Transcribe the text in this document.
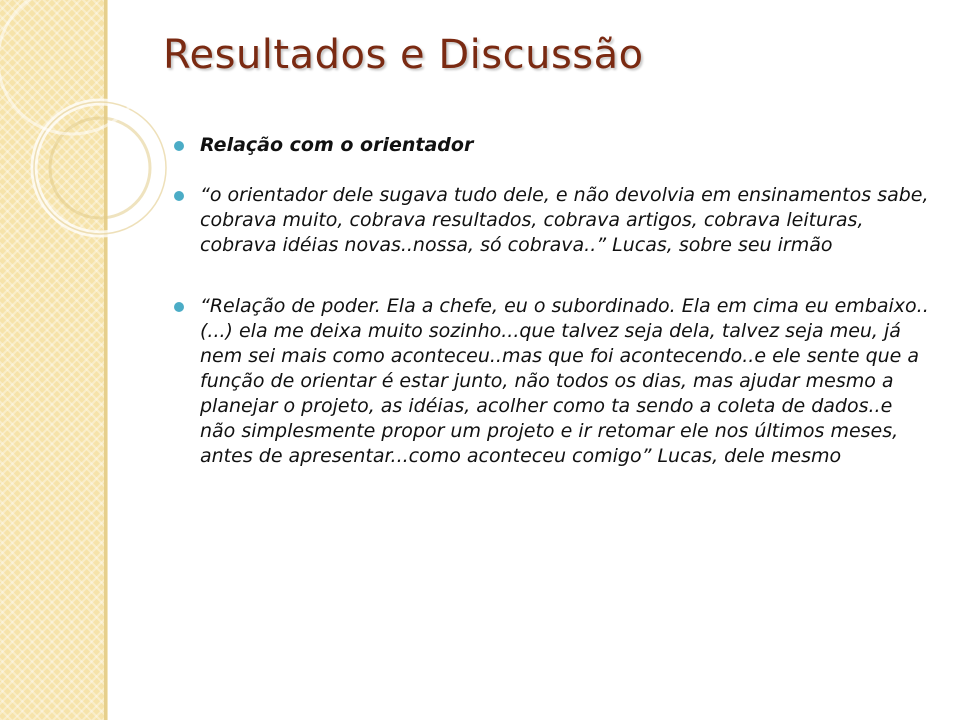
Resultados e Discussão
Relação com o orientador
“o orientador dele sugava tudo dele, e não devolvia em ensinamentos sabe, cobrava muito, cobrava resultados, cobrava artigos, cobrava leituras, cobrava idéias novas..nossa, só cobrava..” Lucas, sobre seu irmão
“Relação de poder. Ela a chefe, eu o subordinado. Ela em cima eu embaixo.. (...) ela me deixa muito sozinho...que talvez seja dela, talvez seja meu, já nem sei mais como aconteceu..mas que foi acontecendo..e ele sente que a função de orientar é estar junto, não todos os dias, mas ajudar mesmo a planejar o projeto, as idéias, acolher como ta sendo a coleta de dados..e não simplesmente propor um projeto e ir retomar ele nos últimos meses, antes de apresentar...como aconteceu comigo” Lucas, dele mesmo
